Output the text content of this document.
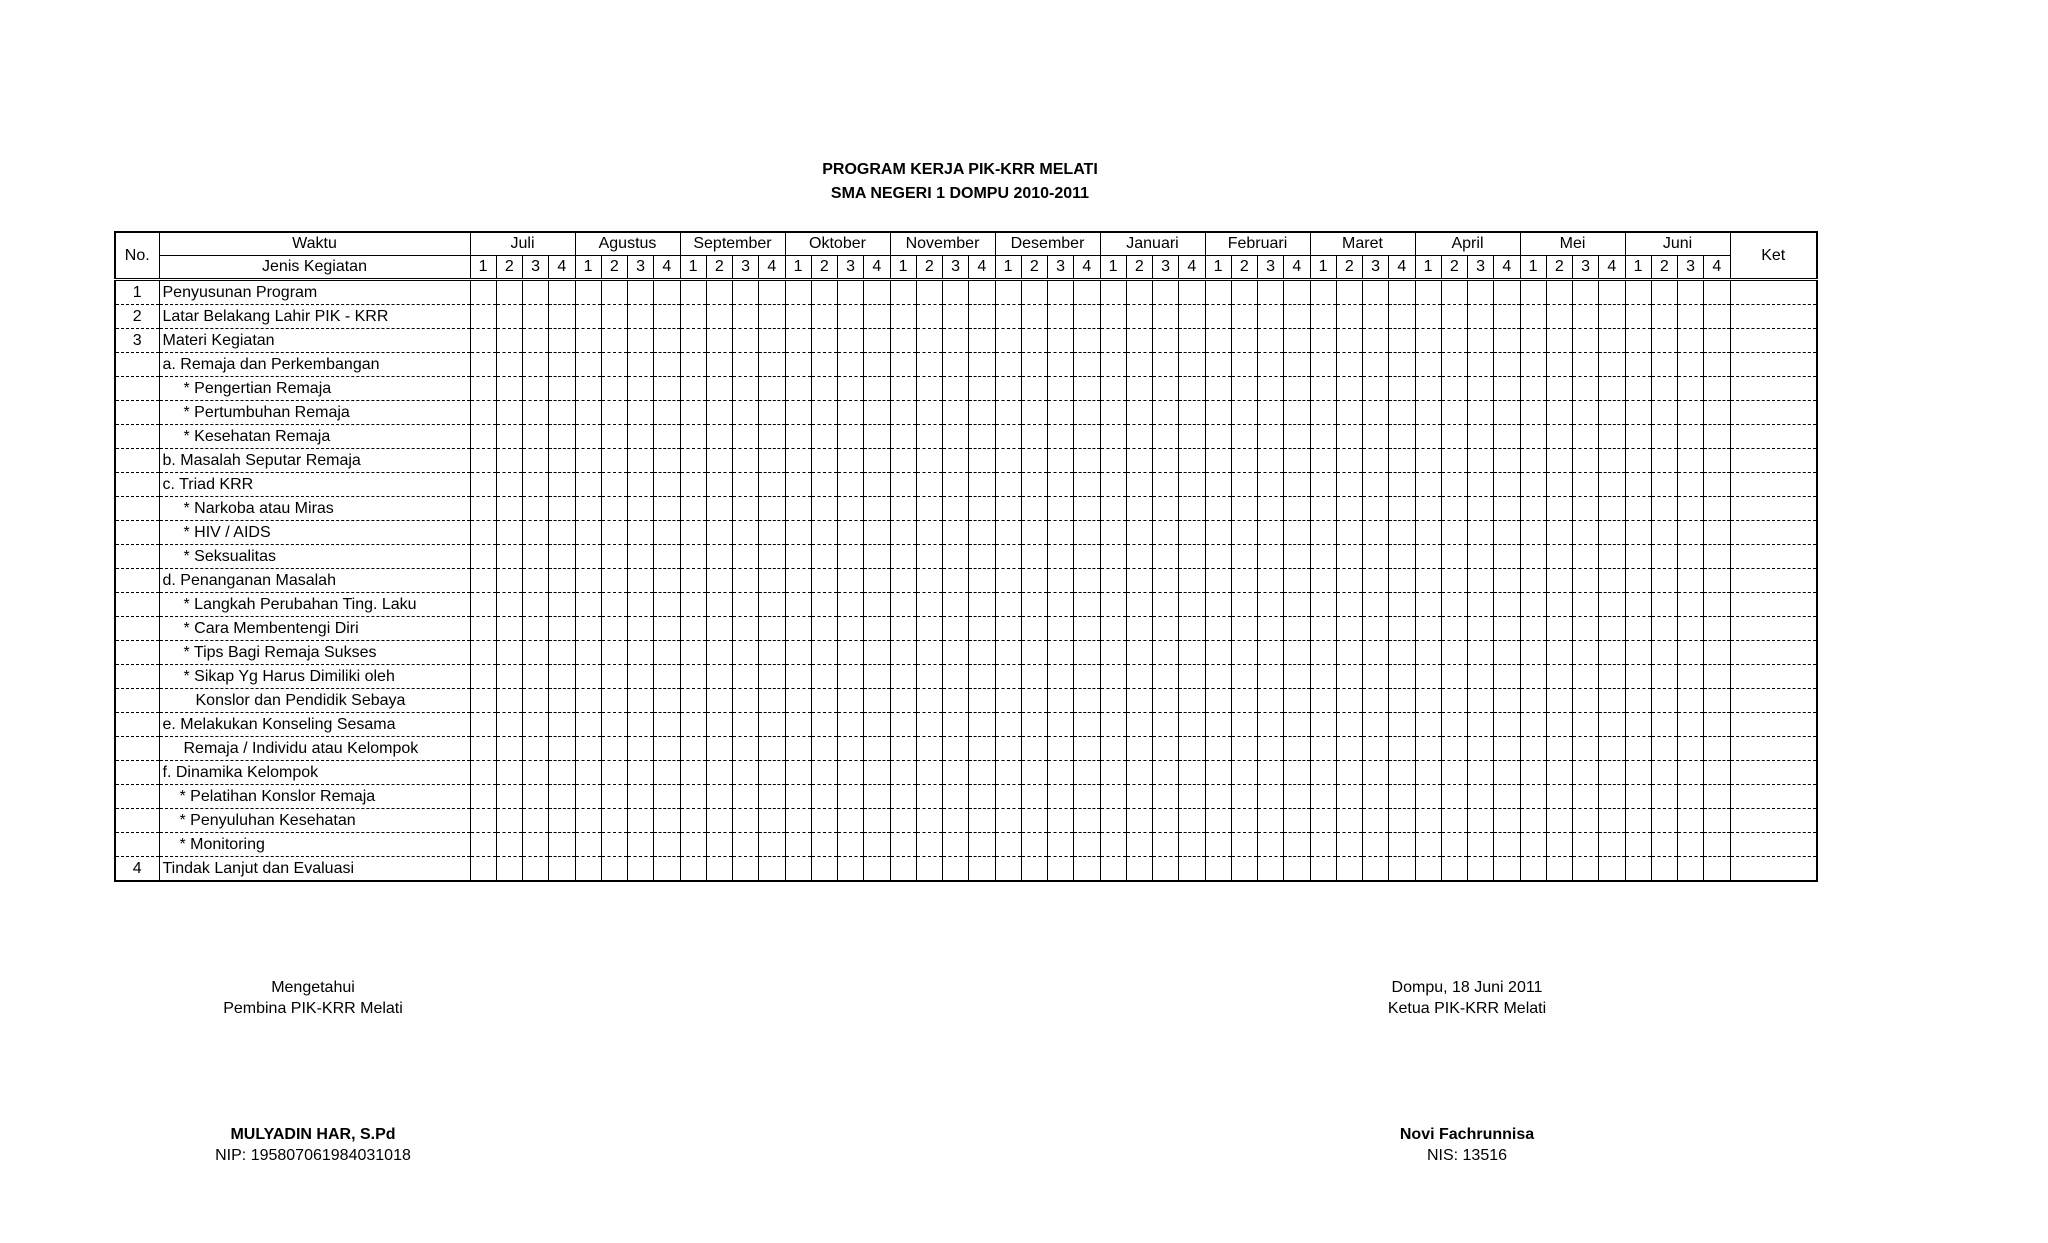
PROGRAM KERJA PIK-KRR MELATI
SMA NEGERI 1 DOMPU 2010-2011
No.	Waktu	Juli				Agustus				September				Oktober				November				Desember				Januari				Februari				Maret				April				Mei				Juni				Ket
	Jenis Kegiatan	1	2	3	4	1	2	3	4	1	2	3	4	1	2	3	4	1	2	3	4	1	2	3	4	1	2	3	4	1	2	3	4	1	2	3	4	1	2	3	4	1	2	3	4	1	2	3	4	
1	Penyusunan Program																																																	
2	Latar Belakang Lahir PIK - KRR																																																	
3	Materi Kegiatan																																																	
	a. Remaja dan Perkembangan																																																	
	* Pengertian Remaja																																																	
	* Pertumbuhan Remaja																																																	
	* Kesehatan Remaja																																																	
	b. Masalah Seputar Remaja																																																	
	c. Triad KRR																																																	
	* Narkoba atau Miras																																																	
	* HIV / AIDS																																																	
	* Seksualitas																																																	
	d. Penanganan Masalah																																																	
	* Langkah Perubahan Ting. Laku																																																	
	* Cara Membentengi Diri																																																	
	* Tips Bagi Remaja Sukses																																																	
	* Sikap Yg Harus Dimiliki oleh																																																	
	Konslor dan Pendidik Sebaya																																																	
	e. Melakukan Konseling Sesama																																																	
	Remaja / Individu atau Kelompok																																																	
	f. Dinamika Kelompok																																																	
	* Pelatihan Konslor Remaja																																																	
	* Penyuluhan Kesehatan																																																	
	* Monitoring																																																	
4	Tindak Lanjut dan Evaluasi																																																	
Mengetahui
Pembina PIK-KRR Melati
MULYADIN HAR, S.Pd
NIP: 195807061984031018
Dompu, 18 Juni 2011
Ketua PIK-KRR Melati
Novi Fachrunnisa
NIS: 13516
